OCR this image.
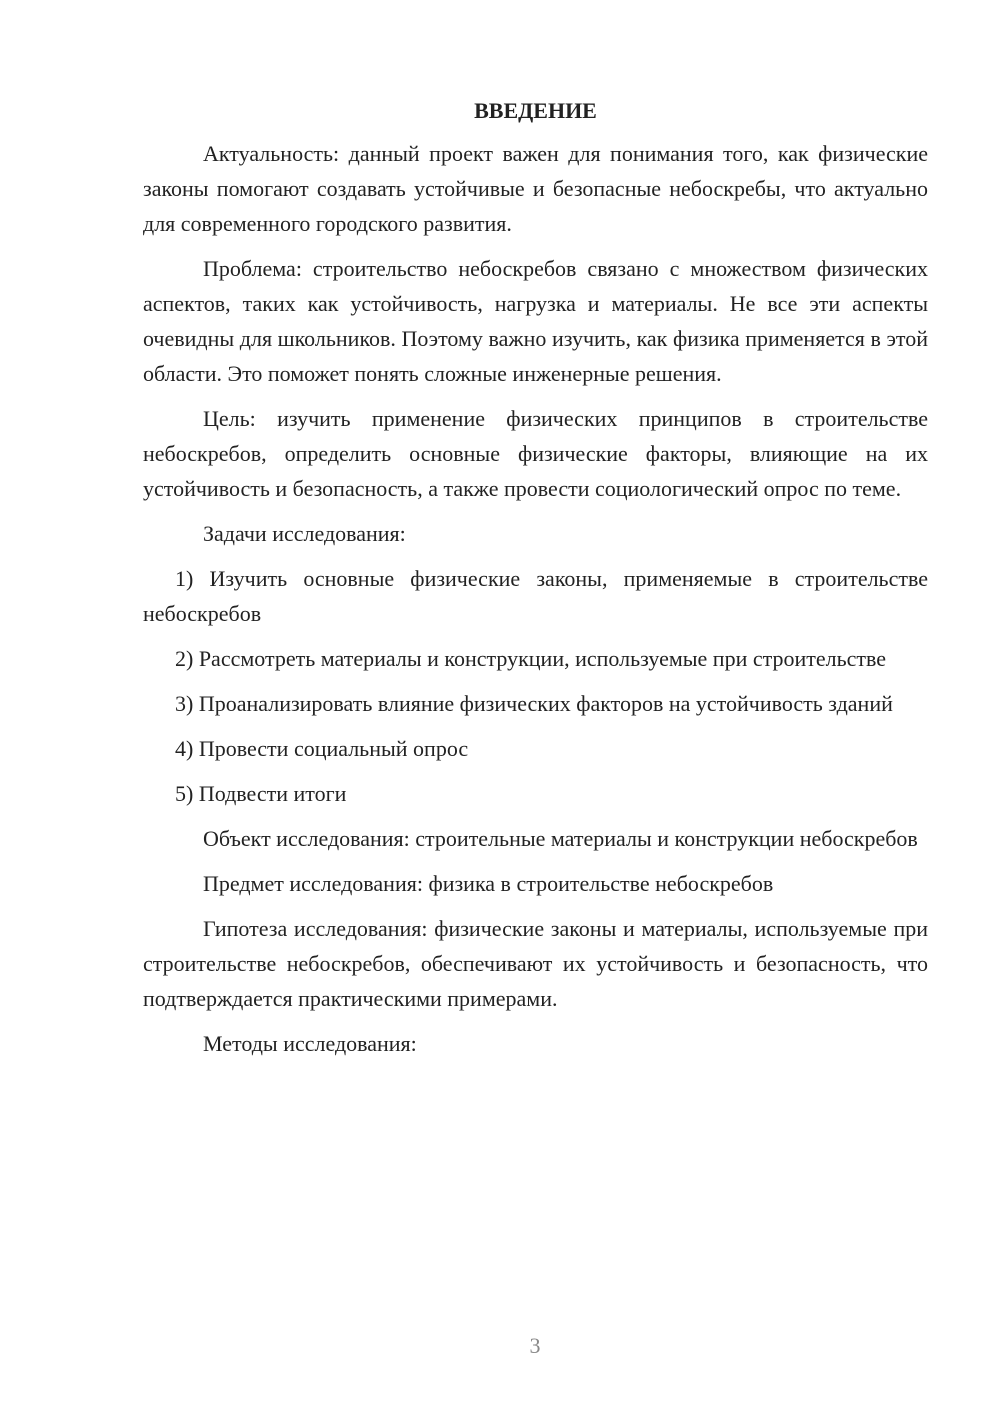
ВВЕДЕНИЕ

Актуальность: данный проект важен для понимания того, как физические законы помогают создавать устойчивые и безопасные небоскребы, что актуально для современного городского развития.

Проблема: строительство небоскребов связано с множеством физических аспектов, таких как устойчивость, нагрузка и материалы. Не все эти аспекты очевидны для школьников. Поэтому важно изучить, как физика применяется в этой области. Это поможет понять сложные инженерные решения.

Цель: изучить применение физических принципов в строительстве небоскребов, определить основные физические факторы, влияющие на их устойчивость и безопасность, а также провести социологический опрос по теме.

Задачи исследования:

1) Изучить основные физические законы, применяемые в строительстве небоскребов

2) Рассмотреть материалы и конструкции, используемые при строительстве

3) Проанализировать влияние физических факторов на устойчивость зданий

4) Провести социальный опрос

5) Подвести итоги

Объект исследования: строительные материалы и конструкции небоскребов

Предмет исследования: физика в строительстве небоскребов

Гипотеза исследования: физические законы и материалы, используемые при строительстве небоскребов, обеспечивают их устойчивость и безопасность, что подтверждается практическими примерами.

Методы исследования:

3
